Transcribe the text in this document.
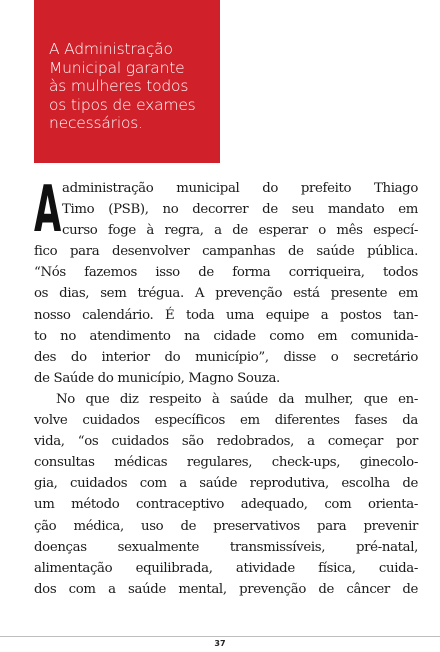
A Administração
Municipal garante
às mulheres todos
os tipos de exames
necessários.

A administração municipal do prefeito Thiago
Timo (PSB), no decorrer de seu mandato em
curso foge à regra, a de esperar o mês especí-
fico para desenvolver campanhas de saúde pública.
“Nós fazemos isso de forma corriqueira, todos
os dias, sem trégua. A prevenção está presente em
nosso calendário. É toda uma equipe a postos tan-
to no atendimento na cidade como em comunida-
des do interior do município”, disse o secretário
de Saúde do município, Magno Souza.
No que diz respeito à saúde da mulher, que en-
volve cuidados específicos em diferentes fases da
vida, “os cuidados são redobrados, a começar por
consultas médicas regulares, check-ups, ginecolo-
gia, cuidados com a saúde reprodutiva, escolha de
um método contraceptivo adequado, com orienta-
ção médica, uso de preservativos para prevenir
doenças sexualmente transmissíveis, pré-natal,
alimentação equilibrada, atividade física, cuida-
dos com a saúde mental, prevenção de câncer de
37
